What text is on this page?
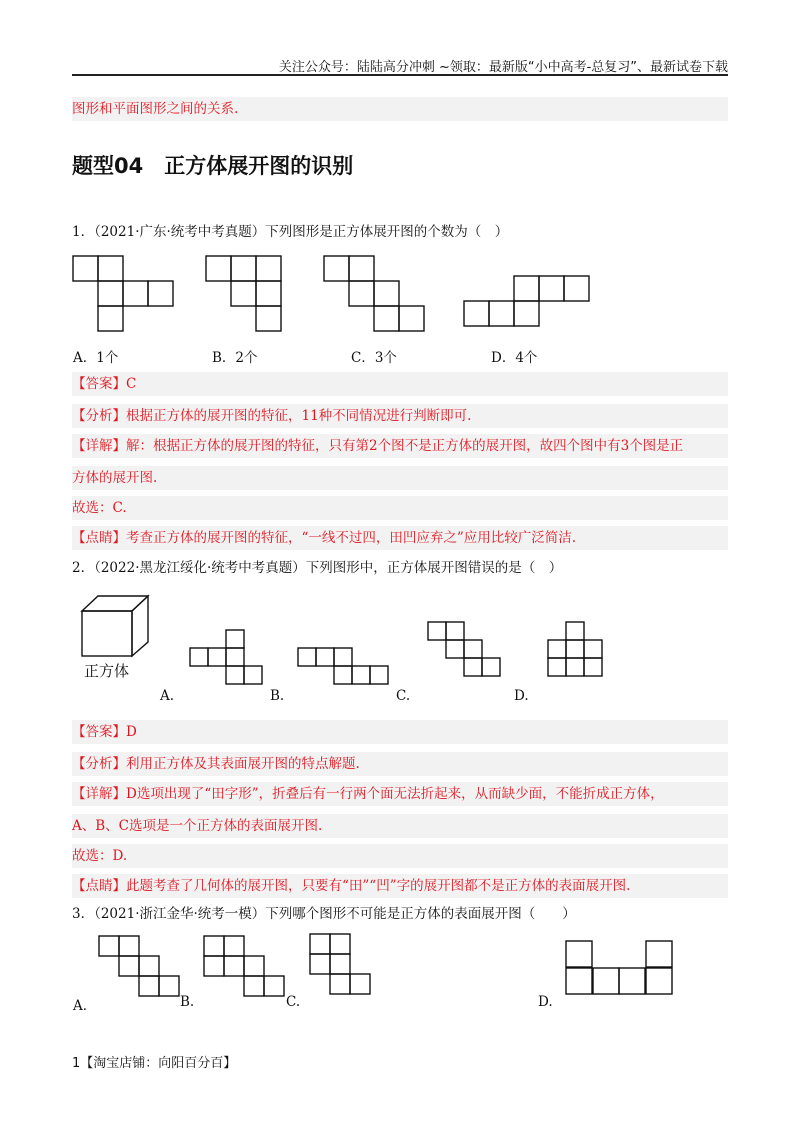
关注公众号：陆陆高分冲刺 ~领取：最新版“小中高考-总复习”、最新试卷下载
图形和平面图形之间的关系.
题型04　正方体展开图的识别
1．（2021·广东·统考中考真题）下列图形是正方体展开图的个数为（　）
A．1个	B．2个	C．3个	D．4个
【答案】C
【分析】根据正方体的展开图的特征，11种不同情况进行判断即可.
【详解】解：根据正方体的展开图的特征，只有第2个图不是正方体的展开图，故四个图中有3个图是正
方体的展开图.
故选：C.
【点睛】考查正方体的展开图的特征，“一线不过四，田凹应弃之”应用比较广泛简洁.
2．（2022·黑龙江绥化·统考中考真题）下列图形中，正方体展开图错误的是（　）
正方体
A.	B.	C.	D.
【答案】D
【分析】利用正方体及其表面展开图的特点解题.
【详解】D选项出现了“田字形”，折叠后有一行两个面无法折起来，从而缺少面，不能折成正方体，
A、B、C选项是一个正方体的表面展开图.
故选：D.
【点睛】此题考查了几何体的展开图，只要有“田”“凹”字的展开图都不是正方体的表面展开图.
3．（2021·浙江金华·统考一模）下列哪个图形不可能是正方体的表面展开图（　　）
A．	B.	C.	D.
1【淘宝店铺：向阳百分百】
